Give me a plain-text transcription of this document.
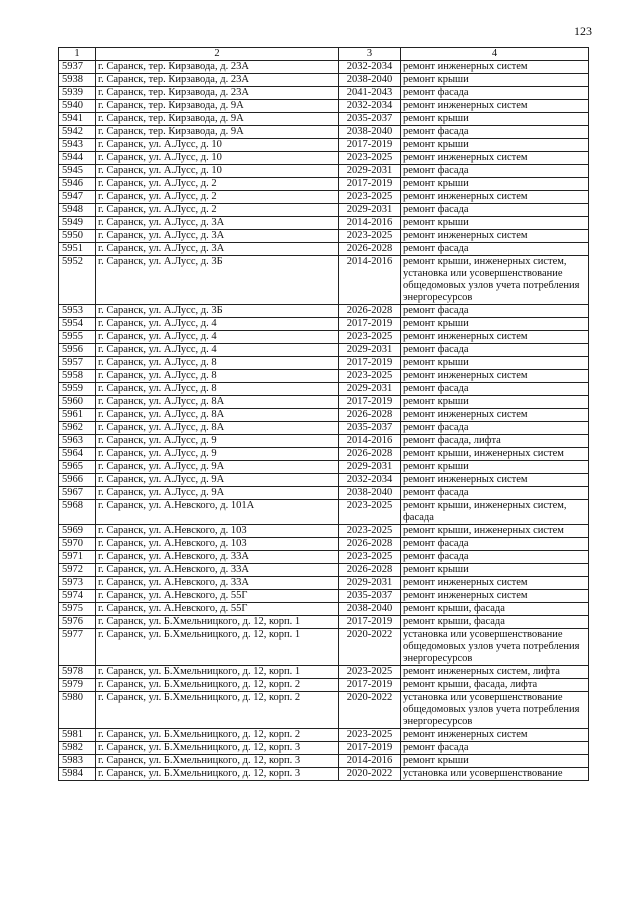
123
1	2	3	4
5937	г. Саранск, тер. Кирзавода, д. 23А	2032-2034	ремонт инженерных систем
5938	г. Саранск, тер. Кирзавода, д. 23А	2038-2040	ремонт крыши
5939	г. Саранск, тер. Кирзавода, д. 23А	2041-2043	ремонт фасада
5940	г. Саранск, тер. Кирзавода, д. 9А	2032-2034	ремонт инженерных систем
5941	г. Саранск, тер. Кирзавода, д. 9А	2035-2037	ремонт крыши
5942	г. Саранск, тер. Кирзавода, д. 9А	2038-2040	ремонт фасада
5943	г. Саранск, ул. А.Лусс, д. 10	2017-2019	ремонт крыши
5944	г. Саранск, ул. А.Лусс, д. 10	2023-2025	ремонт инженерных систем
5945	г. Саранск, ул. А.Лусс, д. 10	2029-2031	ремонт фасада
5946	г. Саранск, ул. А.Лусс, д. 2	2017-2019	ремонт крыши
5947	г. Саранск, ул. А.Лусс, д. 2	2023-2025	ремонт инженерных систем
5948	г. Саранск, ул. А.Лусс, д. 2	2029-2031	ремонт фасада
5949	г. Саранск, ул. А.Лусс, д. 3А	2014-2016	ремонт крыши
5950	г. Саранск, ул. А.Лусс, д. 3А	2023-2025	ремонт инженерных систем
5951	г. Саранск, ул. А.Лусс, д. 3А	2026-2028	ремонт фасада
5952	г. Саранск, ул. А.Лусс, д. 3Б	2014-2016	ремонт крыши, инженерных систем, установка или усовершенствование общедомовых узлов учета потребления энергоресурсов
5953	г. Саранск, ул. А.Лусс, д. 3Б	2026-2028	ремонт фасада
5954	г. Саранск, ул. А.Лусс, д. 4	2017-2019	ремонт крыши
5955	г. Саранск, ул. А.Лусс, д. 4	2023-2025	ремонт инженерных систем
5956	г. Саранск, ул. А.Лусс, д. 4	2029-2031	ремонт фасада
5957	г. Саранск, ул. А.Лусс, д. 8	2017-2019	ремонт крыши
5958	г. Саранск, ул. А.Лусс, д. 8	2023-2025	ремонт инженерных систем
5959	г. Саранск, ул. А.Лусс, д. 8	2029-2031	ремонт фасада
5960	г. Саранск, ул. А.Лусс, д. 8А	2017-2019	ремонт крыши
5961	г. Саранск, ул. А.Лусс, д. 8А	2026-2028	ремонт инженерных систем
5962	г. Саранск, ул. А.Лусс, д. 8А	2035-2037	ремонт фасада
5963	г. Саранск, ул. А.Лусс, д. 9	2014-2016	ремонт фасада, лифта
5964	г. Саранск, ул. А.Лусс, д. 9	2026-2028	ремонт крыши, инженерных систем
5965	г. Саранск, ул. А.Лусс, д. 9А	2029-2031	ремонт крыши
5966	г. Саранск, ул. А.Лусс, д. 9А	2032-2034	ремонт инженерных систем
5967	г. Саранск, ул. А.Лусс, д. 9А	2038-2040	ремонт фасада
5968	г. Саранск, ул. А.Невского, д. 101А	2023-2025	ремонт крыши, инженерных систем, фасада
5969	г. Саранск, ул. А.Невского, д. 103	2023-2025	ремонт крыши, инженерных систем
5970	г. Саранск, ул. А.Невского, д. 103	2026-2028	ремонт фасада
5971	г. Саранск, ул. А.Невского, д. 33А	2023-2025	ремонт фасада
5972	г. Саранск, ул. А.Невского, д. 33А	2026-2028	ремонт крыши
5973	г. Саранск, ул. А.Невского, д. 33А	2029-2031	ремонт инженерных систем
5974	г. Саранск, ул. А.Невского, д. 55Г	2035-2037	ремонт инженерных систем
5975	г. Саранск, ул. А.Невского, д. 55Г	2038-2040	ремонт крыши, фасада
5976	г. Саранск, ул. Б.Хмельницкого, д. 12, корп. 1	2017-2019	ремонт крыши, фасада
5977	г. Саранск, ул. Б.Хмельницкого, д. 12, корп. 1	2020-2022	установка или усовершенствование общедомовых узлов учета потребления энергоресурсов
5978	г. Саранск, ул. Б.Хмельницкого, д. 12, корп. 1	2023-2025	ремонт инженерных систем, лифта
5979	г. Саранск, ул. Б.Хмельницкого, д. 12, корп. 2	2017-2019	ремонт крыши, фасада, лифта
5980	г. Саранск, ул. Б.Хмельницкого, д. 12, корп. 2	2020-2022	установка или усовершенствование общедомовых узлов учета потребления энергоресурсов
5981	г. Саранск, ул. Б.Хмельницкого, д. 12, корп. 2	2023-2025	ремонт инженерных систем
5982	г. Саранск, ул. Б.Хмельницкого, д. 12, корп. 3	2017-2019	ремонт фасада
5983	г. Саранск, ул. Б.Хмельницкого, д. 12, корп. 3	2014-2016	ремонт крыши
5984	г. Саранск, ул. Б.Хмельницкого, д. 12, корп. 3	2020-2022	установка или усовершенствование
